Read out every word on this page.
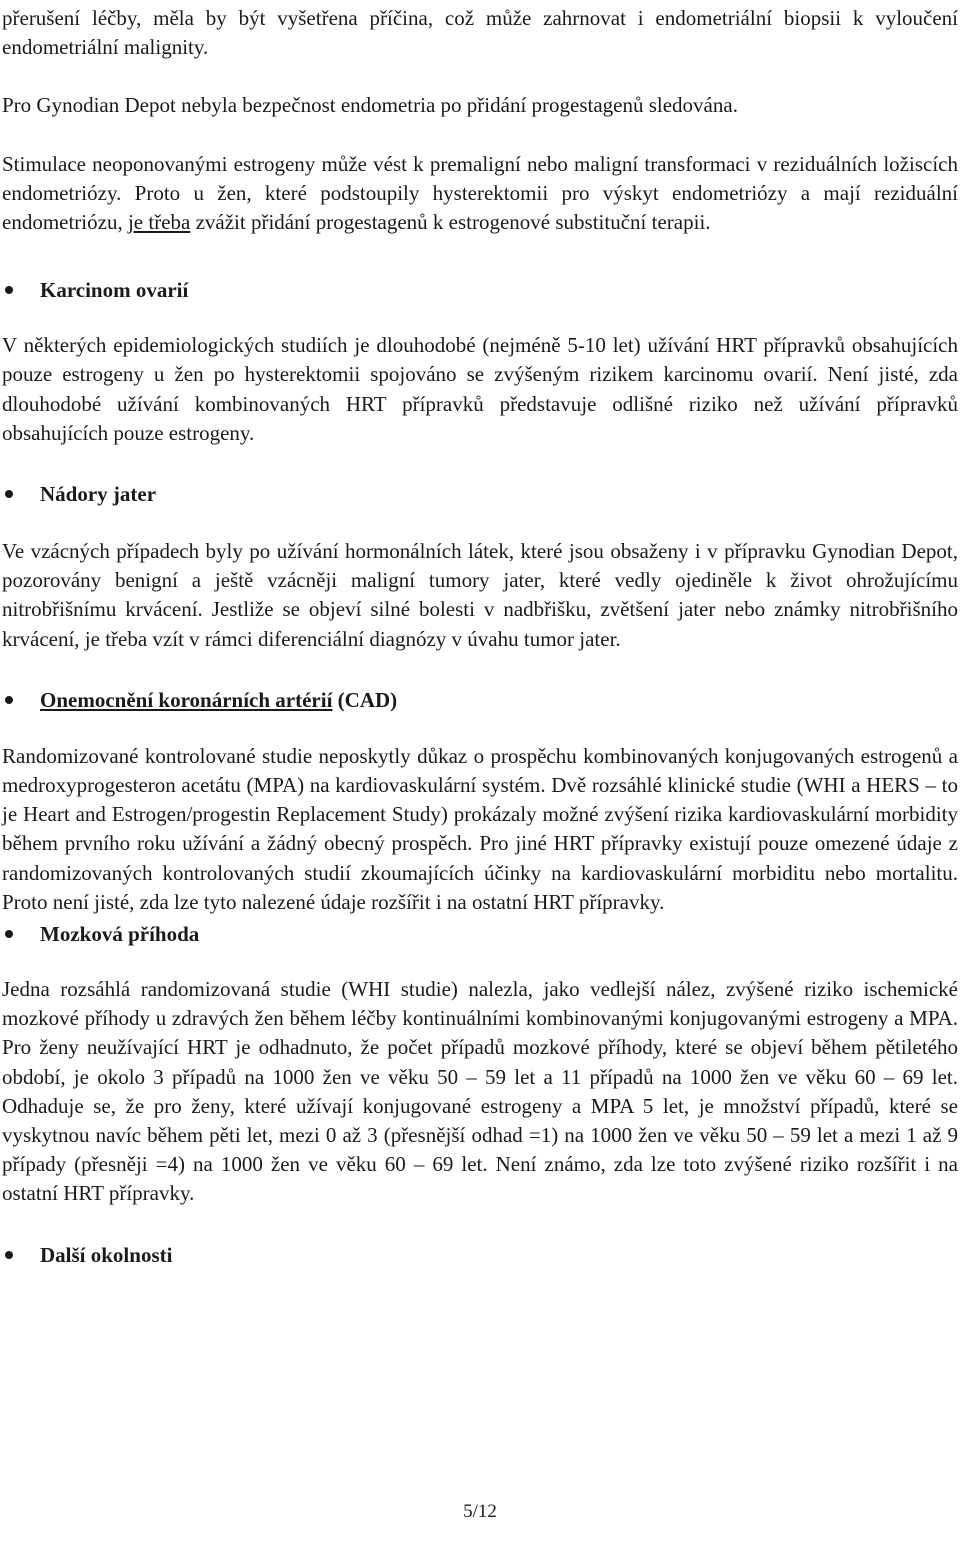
přerušení léčby, měla by být vyšetřena příčina, což může zahrnovat i endometriální biopsii k vyloučení endometriální malignity.

Pro Gynodian Depot nebyla bezpečnost endometria po přidání progestagenů sledována.

Stimulace neoponovanými estrogeny může vést k premaligní nebo maligní transformaci v reziduálních ložiscích endometriózy. Proto u žen, které podstoupily hysterektomii pro výskyt endometriózy a mají reziduální endometriózu, je třeba zvážit přidání progestagenů k estrogenové substituční terapii.

Karcinom ovarií

V některých epidemiologických studiích je dlouhodobé (nejméně 5-10 let) užívání HRT přípravků obsahujících pouze estrogeny u žen po hysterektomii spojováno se zvýšeným rizikem karcinomu ovarií. Není jisté, zda dlouhodobé užívání kombinovaných HRT přípravků představuje odlišné riziko než užívání přípravků obsahujících pouze estrogeny.

Nádory jater

Ve vzácných případech byly po užívání hormonálních látek, které jsou obsaženy i v přípravku Gynodian Depot, pozorovány benigní a ještě vzácněji maligní tumory jater, které vedly ojediněle k život ohrožujícímu nitrobřišnímu krvácení. Jestliže se objeví silné bolesti v nadbřišku, zvětšení jater nebo známky nitrobřišního krvácení, je třeba vzít v rámci diferenciální diagnózy v úvahu tumor jater.

Onemocnění koronárních artérií (CAD)

Randomizované kontrolované studie neposkytly důkaz o prospěchu kombinovaných konjugovaných estrogenů a medroxyprogesteron acetátu (MPA) na kardiovaskulární systém. Dvě rozsáhlé klinické studie (WHI a HERS – to je Heart and Estrogen/progestin Replacement Study) prokázaly možné zvýšení rizika kardiovaskulární morbidity během prvního roku užívání a žádný obecný prospěch. Pro jiné HRT přípravky existují pouze omezené údaje z randomizovaných kontrolovaných studií zkoumajících účinky na kardiovaskulární morbiditu nebo mortalitu. Proto není jisté, zda lze tyto nalezené údaje rozšířit i na ostatní HRT přípravky.

Mozková příhoda

Jedna rozsáhlá randomizovaná studie (WHI studie) nalezla, jako vedlejší nález, zvýšené riziko ischemické mozkové příhody u zdravých žen během léčby kontinuálními kombinovanými konjugovanými estrogeny a MPA. Pro ženy neužívající HRT je odhadnuto, že počet případů mozkové příhody, které se objeví během pětiletého období, je okolo 3 případů na 1000 žen ve věku 50 – 59 let a 11 případů na 1000 žen ve věku 60 – 69 let. Odhaduje se, že pro ženy, které užívají konjugované estrogeny a MPA 5 let, je množství případů, které se vyskytnou navíc během pěti let, mezi 0 až 3 (přesnější odhad =1) na 1000 žen ve věku 50 – 59 let a mezi 1 až 9 případy (přesněji =4) na 1000 žen ve věku 60 – 69 let. Není známo, zda lze toto zvýšené riziko rozšířit i na ostatní HRT přípravky.

Další okolnosti

5/12
